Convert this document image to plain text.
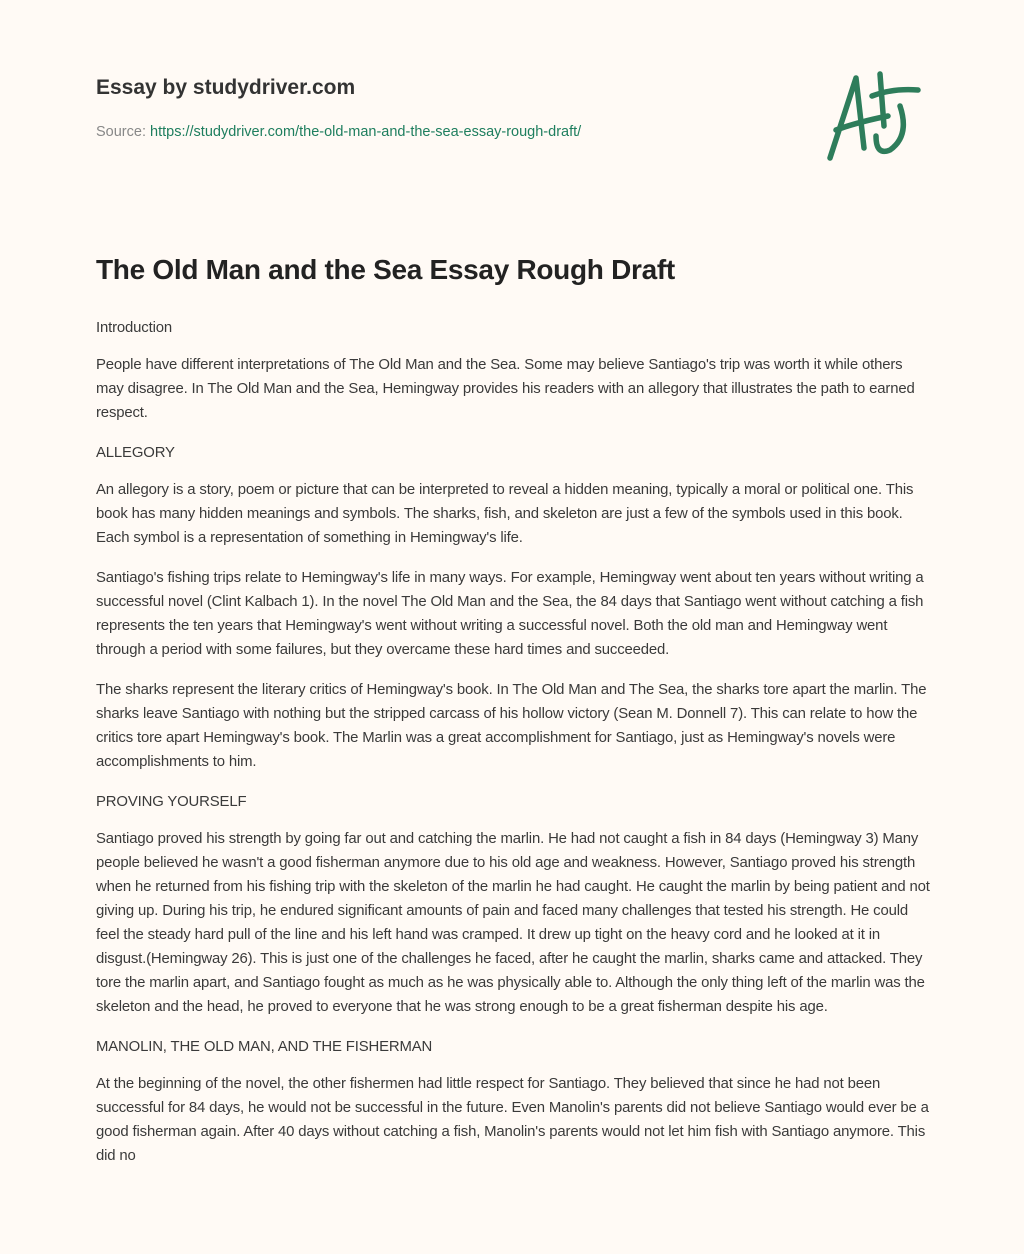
Essay by studydriver.com
Source: https://studydriver.com/the-old-man-and-the-sea-essay-rough-draft/
The Old Man and the Sea Essay Rough Draft

Introduction

People have different interpretations of The Old Man and the Sea. Some may believe Santiago's trip was worth it while others may disagree. In The Old Man and the Sea, Hemingway provides his readers with an allegory that illustrates the path to earned respect.

ALLEGORY

An allegory is a story, poem or picture that can be interpreted to reveal a hidden meaning, typically a moral or political one. This book has many hidden meanings and symbols. The sharks, fish, and skeleton are just a few of the symbols used in this book. Each symbol is a representation of something in Hemingway's life.

Santiago's fishing trips relate to Hemingway's life in many ways. For example, Hemingway went about ten years without writing a successful novel (Clint Kalbach 1). In the novel The Old Man and the Sea, the 84 days that Santiago went without catching a fish represents the ten years that Hemingway's went without writing a successful novel. Both the old man and Hemingway went through a period with some failures, but they overcame these hard times and succeeded.

The sharks represent the literary critics of Hemingway's book. In The Old Man and The Sea, the sharks tore apart the marlin. The sharks leave Santiago with nothing but the stripped carcass of his hollow victory (Sean M. Donnell 7). This can relate to how the critics tore apart Hemingway's book. The Marlin was a great accomplishment for Santiago, just as Hemingway's novels were accomplishments to him.

PROVING YOURSELF

Santiago proved his strength by going far out and catching the marlin. He had not caught a fish in 84 days (Hemingway 3) Many people believed he wasn't a good fisherman anymore due to his old age and weakness. However, Santiago proved his strength when he returned from his fishing trip with the skeleton of the marlin he had caught. He caught the marlin by being patient and not giving up. During his trip, he endured significant amounts of pain and faced many challenges that tested his strength. He could feel the steady hard pull of the line and his left hand was cramped. It drew up tight on the heavy cord and he looked at it in disgust.(Hemingway 26). This is just one of the challenges he faced, after he caught the marlin, sharks came and attacked. They tore the marlin apart, and Santiago fought as much as he was physically able to. Although the only thing left of the marlin was the skeleton and the head, he proved to everyone that he was strong enough to be a great fisherman despite his age.

MANOLIN, THE OLD MAN, AND THE FISHERMAN

At the beginning of the novel, the other fishermen had little respect for Santiago. They believed that since he had not been successful for 84 days, he would not be successful in the future. Even Manolin's parents did not believe Santiago would ever be a good fisherman again. After 40 days without catching a fish, Manolin's parents would not let him fish with Santiago anymore. This did no
